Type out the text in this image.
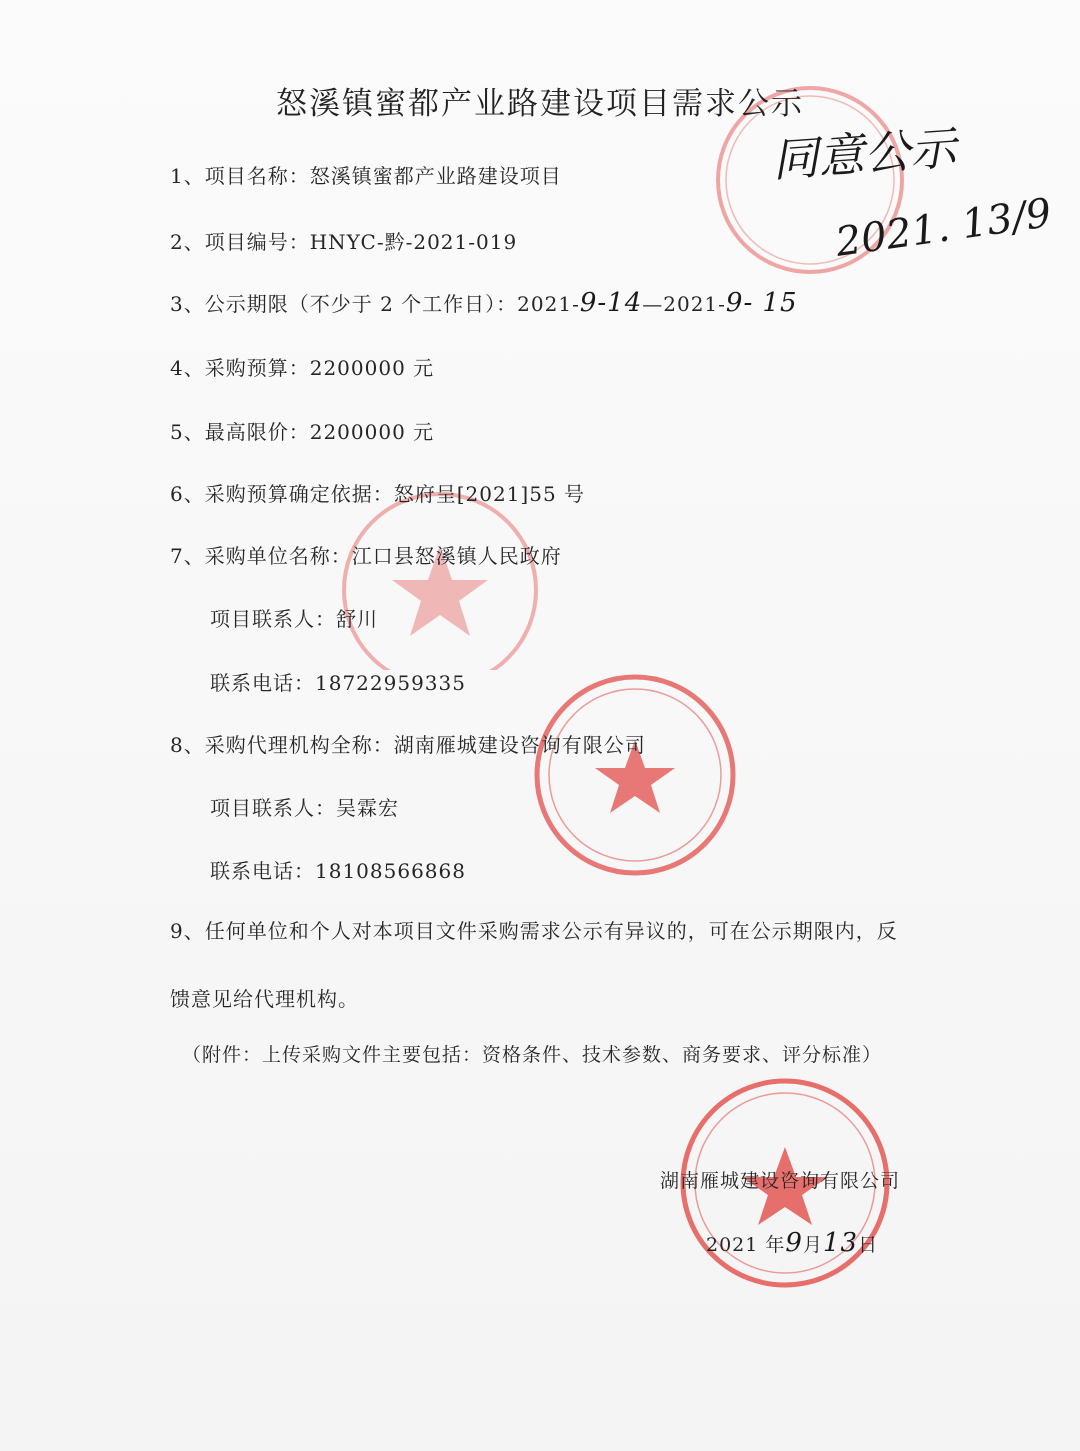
怒溪镇蜜都产业路建设项目需求公示
同意公示
2021. 13/9
1、项目名称：怒溪镇蜜都产业路建设项目
2、项目编号：HNYC-黔-2021-019
3、公示期限（不少于 2 个工作日）：2021-9-14—2021-9- 15
4、采购预算：2200000 元
5、最高限价：2200000 元
6、采购预算确定依据：怒府呈[2021]55 号
7、采购单位名称：江口县怒溪镇人民政府
项目联系人：舒川
联系电话：18722959335
8、采购代理机构全称：湖南雁城建设咨询有限公司
项目联系人：吴霖宏
联系电话：18108566868
9、任何单位和个人对本项目文件采购需求公示有异议的，可在公示期限内，反
馈意见给代理机构。
（附件：上传采购文件主要包括：资格条件、技术参数、商务要求、评分标准）
湖南雁城建设咨询有限公司
2021 年9月13日
